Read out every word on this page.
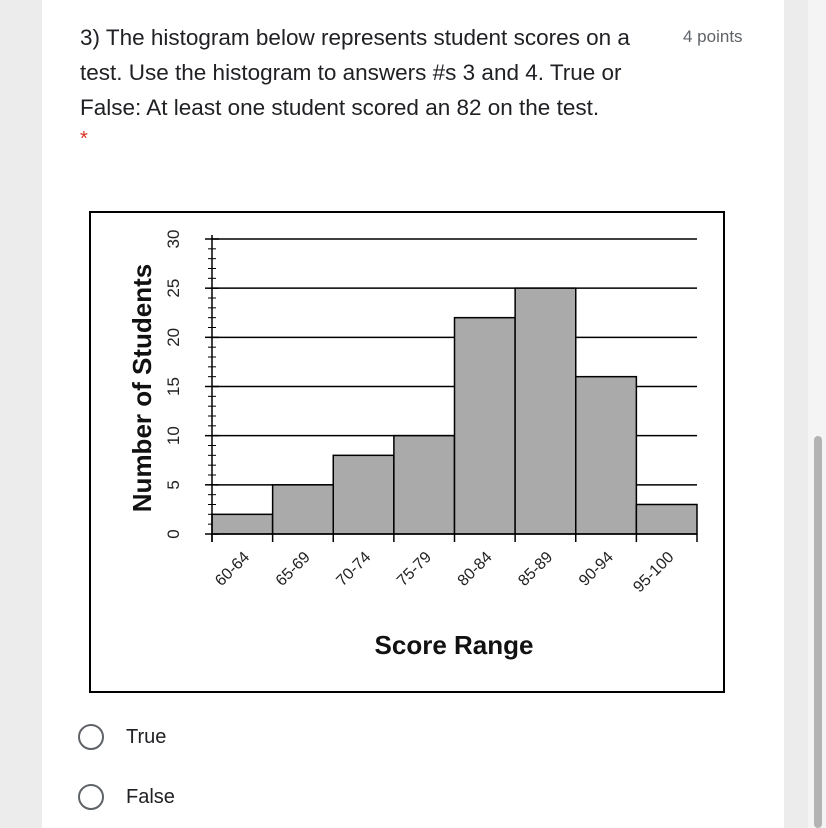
3) The histogram below represents student scores on a test. Use the histogram to answers #s 3 and 4. True or False: At least one student scored an 82 on the test.
4 points
*
0
5
10
15
20
25
30
60-64 65-69 70-74 75-79 80-84 85-89 90-94 95-100
Score Range
Number of Students
True
False
